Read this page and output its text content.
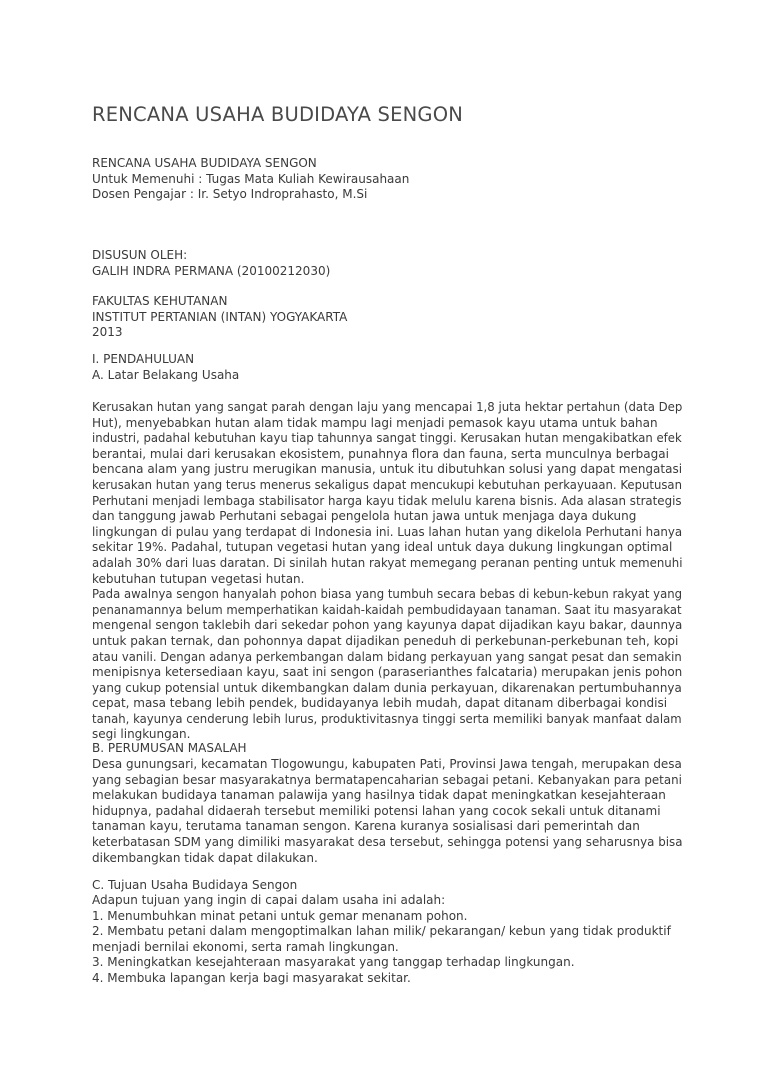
RENCANA USAHA BUDIDAYA SENGON
RENCANA USAHA BUDIDAYA SENGON
Untuk Memenuhi : Tugas Mata Kuliah Kewirausahaan
Dosen Pengajar : Ir. Setyo Indroprahasto, M.Si
DISUSUN OLEH:
GALIH INDRA PERMANA (20100212030)
FAKULTAS KEHUTANAN
INSTITUT PERTANIAN (INTAN) YOGYAKARTA
2013
I. PENDAHULUAN
A. Latar Belakang Usaha
Kerusakan hutan yang sangat parah dengan laju yang mencapai 1,8 juta hektar pertahun (data Dep
Hut), menyebabkan hutan alam tidak mampu lagi menjadi pemasok kayu utama untuk bahan
industri, padahal kebutuhan kayu tiap tahunnya sangat tinggi. Kerusakan hutan mengakibatkan efek
berantai, mulai dari kerusakan ekosistem, punahnya flora dan fauna, serta munculnya berbagai
bencana alam yang justru merugikan manusia, untuk itu dibutuhkan solusi yang dapat mengatasi
kerusakan hutan yang terus menerus sekaligus dapat mencukupi kebutuhan perkayuaan. Keputusan
Perhutani menjadi lembaga stabilisator harga kayu tidak melulu karena bisnis. Ada alasan strategis
dan tanggung jawab Perhutani sebagai pengelola hutan jawa untuk menjaga daya dukung
lingkungan di pulau yang terdapat di Indonesia ini. Luas lahan hutan yang dikelola Perhutani hanya
sekitar 19%. Padahal, tutupan vegetasi hutan yang ideal untuk daya dukung lingkungan optimal
adalah 30% dari luas daratan. Di sinilah hutan rakyat memegang peranan penting untuk memenuhi
kebutuhan tutupan vegetasi hutan.
Pada awalnya sengon hanyalah pohon biasa yang tumbuh secara bebas di kebun-kebun rakyat yang
penanamannya belum memperhatikan kaidah-kaidah pembudidayaan tanaman. Saat itu masyarakat
mengenal sengon taklebih dari sekedar pohon yang kayunya dapat dijadikan kayu bakar, daunnya
untuk pakan ternak, dan pohonnya dapat dijadikan peneduh di perkebunan-perkebunan teh, kopi
atau vanili. Dengan adanya perkembangan dalam bidang perkayuan yang sangat pesat dan semakin
menipisnya ketersediaan kayu, saat ini sengon (paraserianthes falcataria) merupakan jenis pohon
yang cukup potensial untuk dikembangkan dalam dunia perkayuan, dikarenakan pertumbuhannya
cepat, masa tebang lebih pendek, budidayanya lebih mudah, dapat ditanam diberbagai kondisi
tanah, kayunya cenderung lebih lurus, produktivitasnya tinggi serta memiliki banyak manfaat dalam
segi lingkungan.
B. PERUMUSAN MASALAH
Desa gunungsari, kecamatan Tlogowungu, kabupaten Pati, Provinsi Jawa tengah, merupakan desa
yang sebagian besar masyarakatnya bermatapencaharian sebagai petani. Kebanyakan para petani
melakukan budidaya tanaman palawija yang hasilnya tidak dapat meningkatkan kesejahteraan
hidupnya, padahal didaerah tersebut memiliki potensi lahan yang cocok sekali untuk ditanami
tanaman kayu, terutama tanaman sengon. Karena kuranya sosialisasi dari pemerintah dan
keterbatasan SDM yang dimiliki masyarakat desa tersebut, sehingga potensi yang seharusnya bisa
dikembangkan tidak dapat dilakukan.
C. Tujuan Usaha Budidaya Sengon
Adapun tujuan yang ingin di capai dalam usaha ini adalah:
1. Menumbuhkan minat petani untuk gemar menanam pohon.
2. Membatu petani dalam mengoptimalkan lahan milik/ pekarangan/ kebun yang tidak produktif
menjadi bernilai ekonomi, serta ramah lingkungan.
3. Meningkatkan kesejahteraan masyarakat yang tanggap terhadap lingkungan.
4. Membuka lapangan kerja bagi masyarakat sekitar.
